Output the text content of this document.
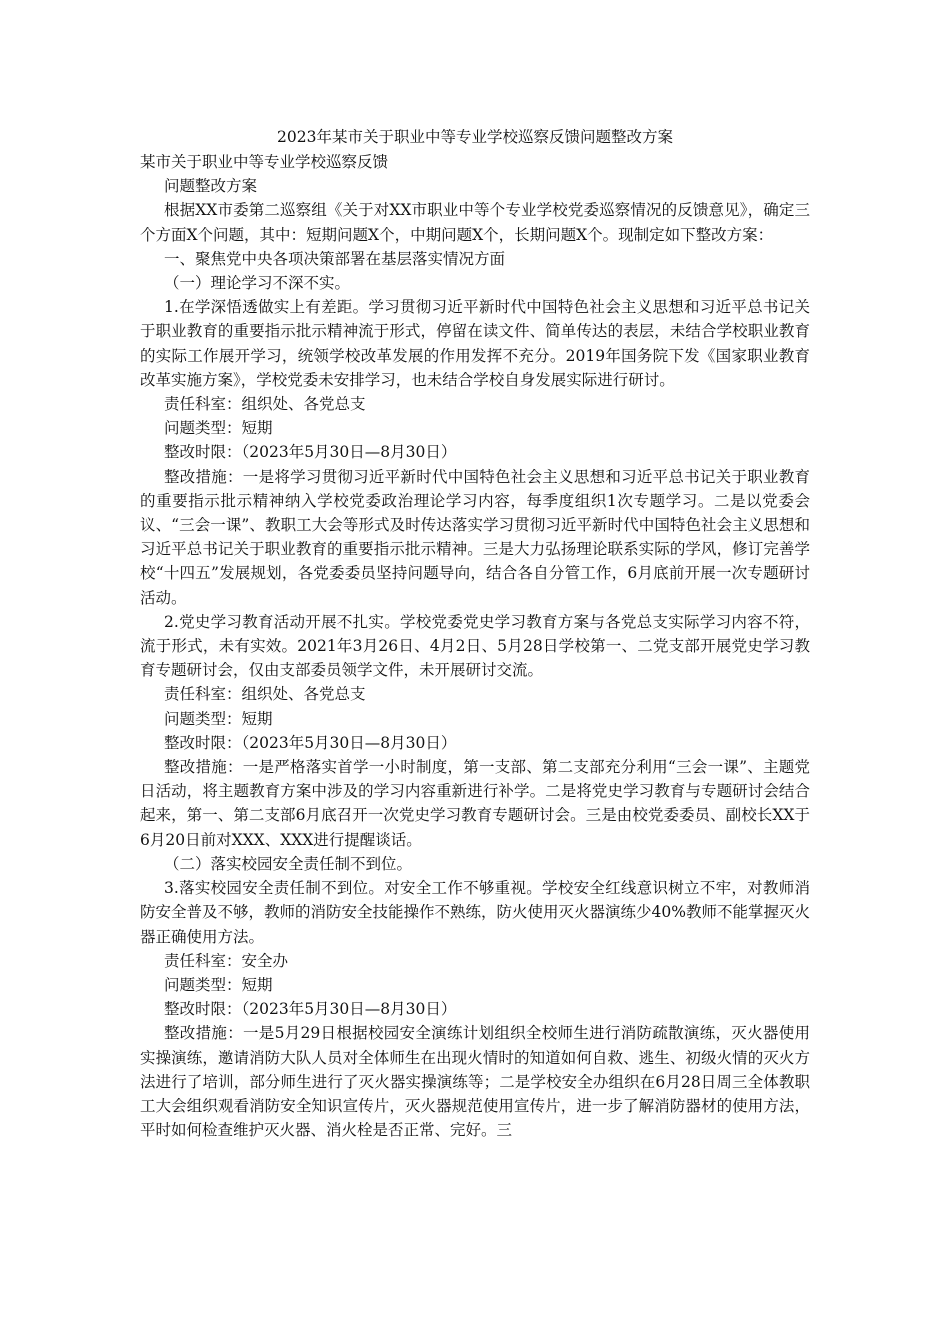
2023年某市关于职业中等专业学校巡察反馈问题整改方案

某市关于职业中等专业学校巡察反馈

问题整改方案

根据XX市委第二巡察组《关于对XX市职业中等个专业学校党委巡察情况的反馈意见》，确定三个方面X个问题，其中：短期问题X个，中期问题X个，长期问题X个。现制定如下整改方案：

一、聚焦党中央各项决策部署在基层落实情况方面

（一）理论学习不深不实。

1.在学深悟透做实上有差距。学习贯彻习近平新时代中国特色社会主义思想和习近平总书记关于职业教育的重要指示批示精神流于形式，停留在读文件、简单传达的表层，未结合学校职业教育的实际工作展开学习，统领学校改革发展的作用发挥不充分。2019年国务院下发《国家职业教育改革实施方案》，学校党委未安排学习，也未结合学校自身发展实际进行研讨。

责任科室：组织处、各党总支

问题类型：短期

整改时限：（2023年5月30日—8月30日）

整改措施：一是将学习贯彻习近平新时代中国特色社会主义思想和习近平总书记关于职业教育的重要指示批示精神纳入学校党委政治理论学习内容，每季度组织1次专题学习。二是以党委会议、“三会一课”、教职工大会等形式及时传达落实学习贯彻习近平新时代中国特色社会主义思想和习近平总书记关于职业教育的重要指示批示精神。三是大力弘扬理论联系实际的学风，修订完善学校“十四五”发展规划，各党委委员坚持问题导向，结合各自分管工作，6月底前开展一次专题研讨活动。

2.党史学习教育活动开展不扎实。学校党委党史学习教育方案与各党总支实际学习内容不符，流于形式，未有实效。2021年3月26日、4月2日、5月28日学校第一、二党支部开展党史学习教育专题研讨会，仅由支部委员领学文件，未开展研讨交流。

责任科室：组织处、各党总支

问题类型：短期

整改时限：（2023年5月30日—8月30日）

整改措施：一是严格落实首学一小时制度，第一支部、第二支部充分利用“三会一课”、主题党日活动，将主题教育方案中涉及的学习内容重新进行补学。二是将党史学习教育与专题研讨会结合起来，第一、第二支部6月底召开一次党史学习教育专题研讨会。三是由校党委委员、副校长XX于6月20日前对XXX、XXX进行提醒谈话。

（二）落实校园安全责任制不到位。

3.落实校园安全责任制不到位。对安全工作不够重视。学校安全红线意识树立不牢，对教师消防安全普及不够，教师的消防安全技能操作不熟练，防火使用灭火器演练少40%教师不能掌握灭火器正确使用方法。

责任科室：安全办

问题类型：短期

整改时限：（2023年5月30日—8月30日）

整改措施：一是5月29日根据校园安全演练计划组织全校师生进行消防疏散演练，灭火器使用实操演练，邀请消防大队人员对全体师生在出现火情时的知道如何自救、逃生、初级火情的灭火方法进行了培训，部分师生进行了灭火器实操演练等；二是学校安全办组织在6月28日周三全体教职工大会组织观看消防安全知识宣传片，灭火器规范使用宣传片，进一步了解消防器材的使用方法，平时如何检查维护灭火器、消火栓是否正常、完好。三
